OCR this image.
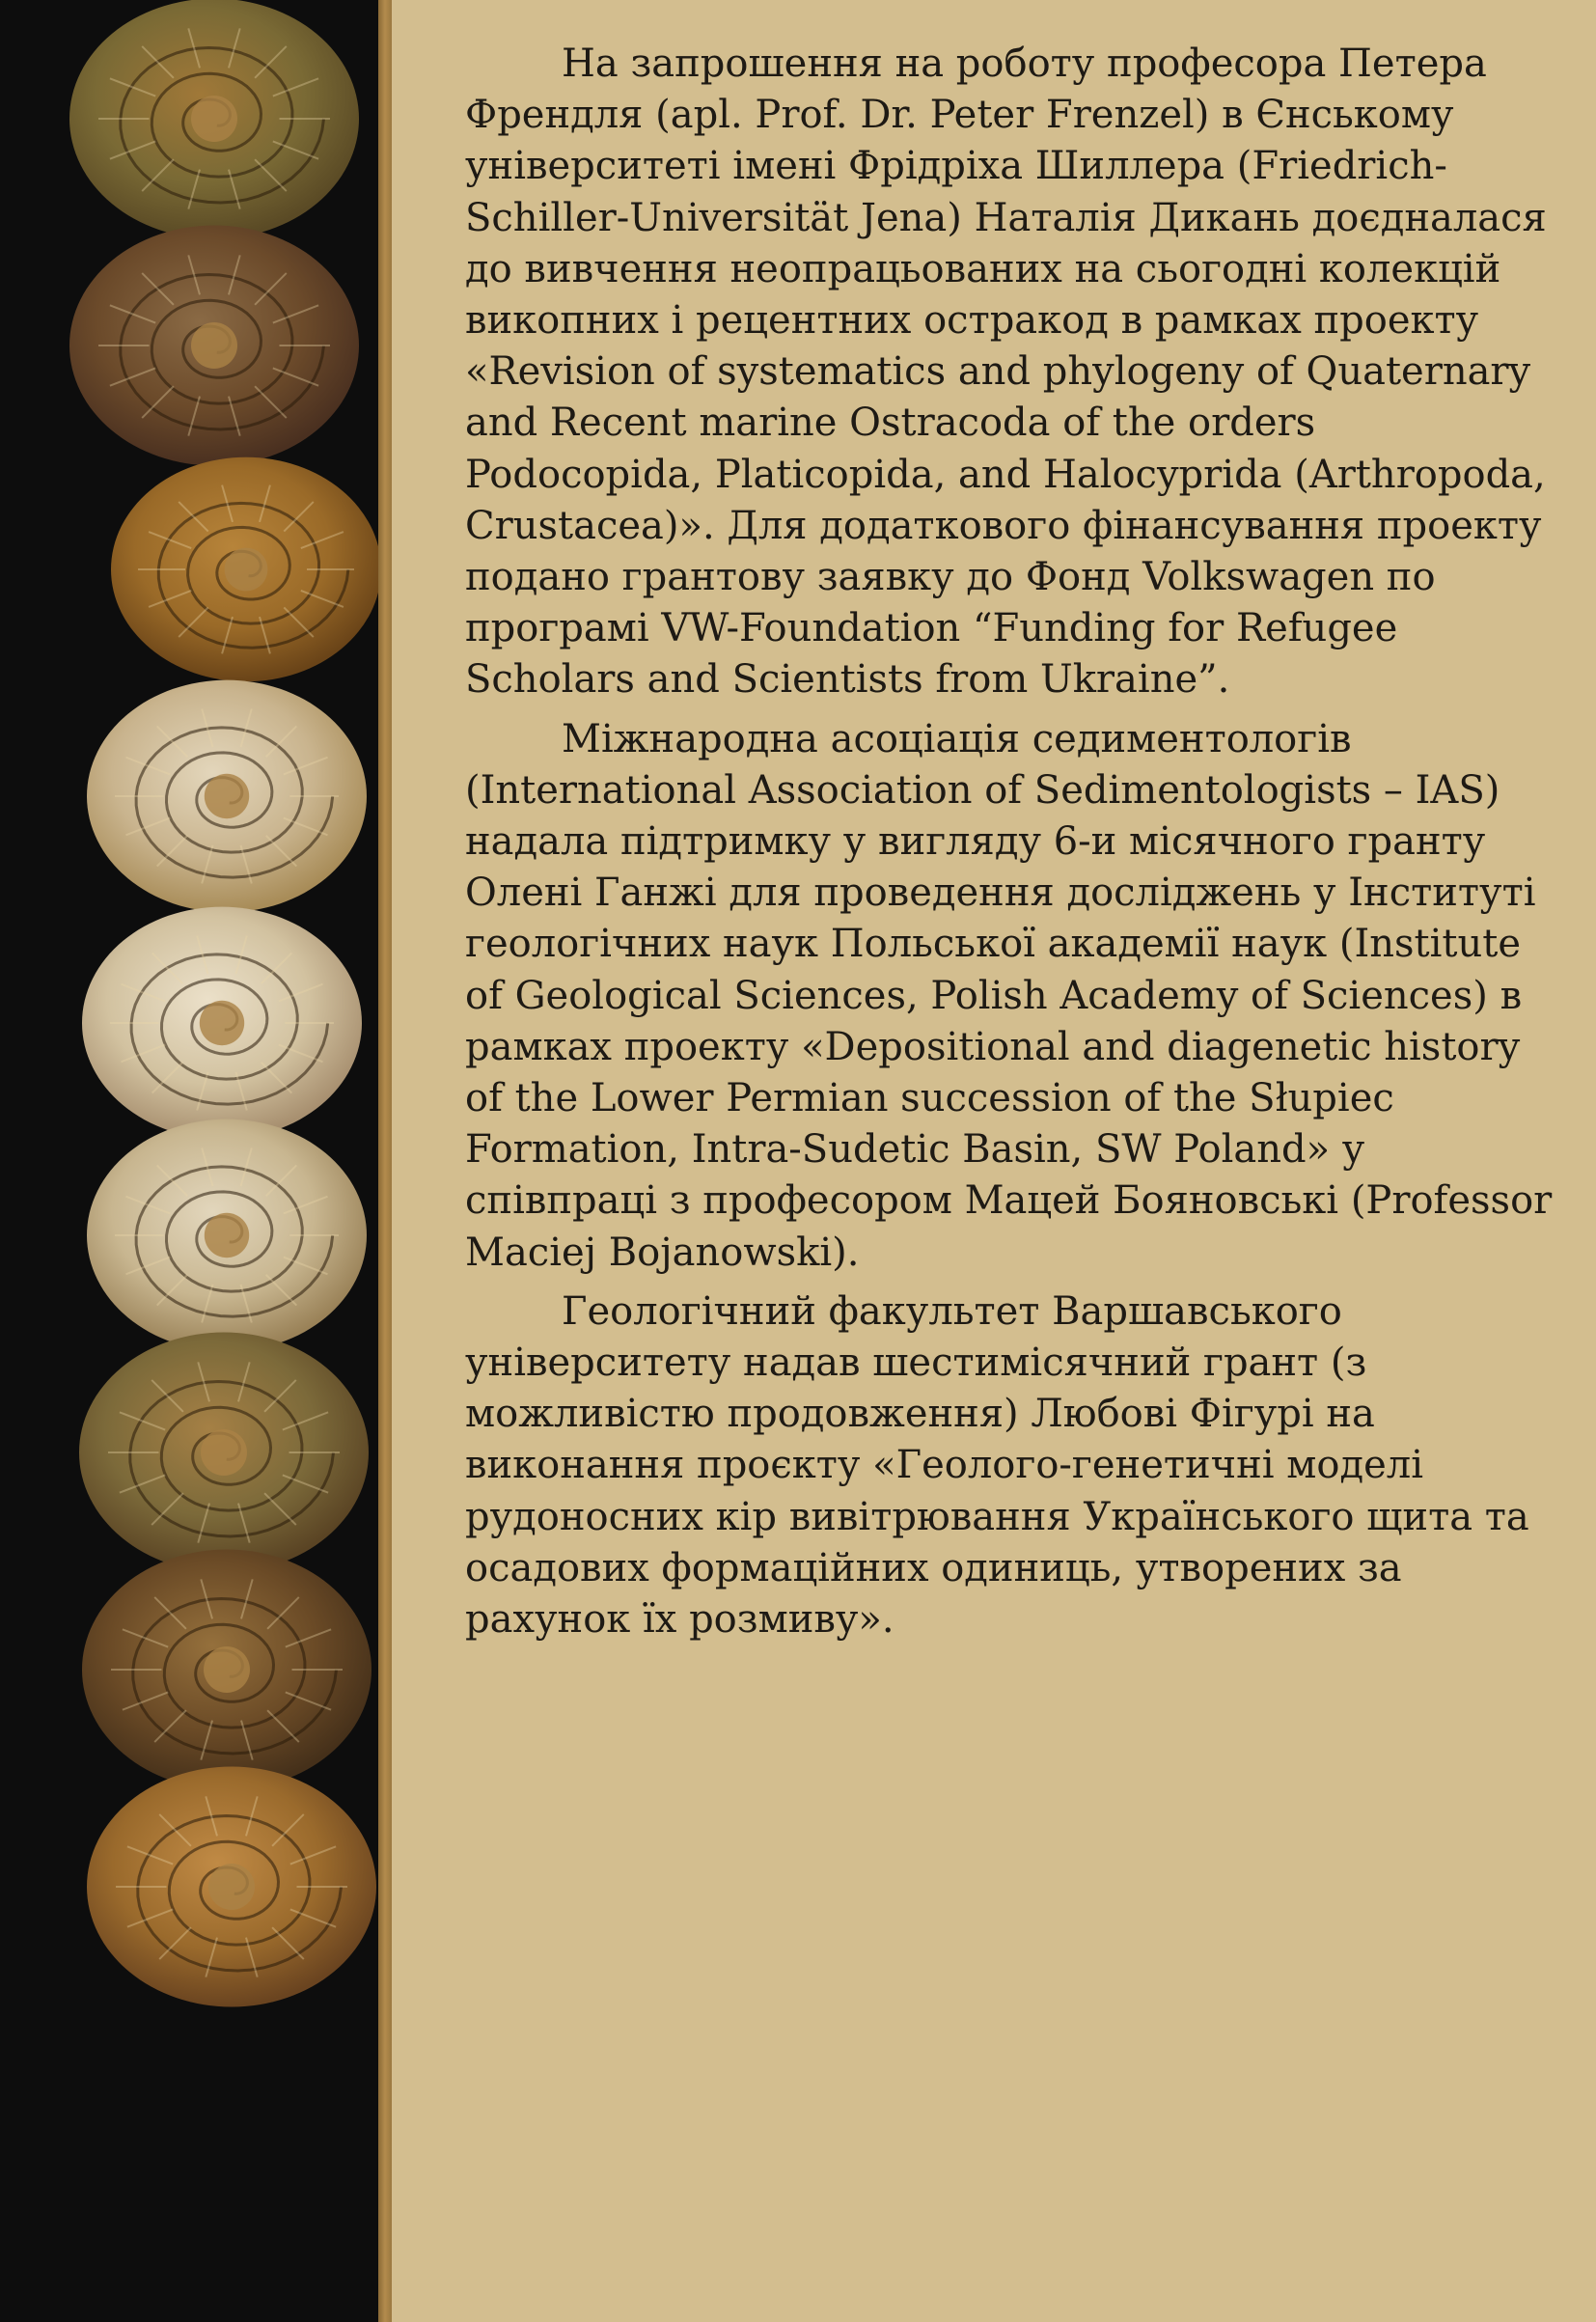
На запрошення на роботу професора Петера Френдля (apl. Prof. Dr. Peter Frenzel) в Єнському університеті імені Фрідріха Шиллера (Friedrich-Schiller-Universität Jena) Наталія Дикань доєдналася до вивчення неопрацьованих на сьогодні колекцій викопних і рецентних остракод в рамках проекту «Revision of systematics and phylogeny of Quaternary and Recent marine Ostracoda of the orders Podocopida, Platicopida, and Halocyprida (Arthropoda, Crustacea)». Для додаткового фінансування проекту подано грантову заявку до Фонд Volkswagen по програмі VW-Foundation “Funding for Refugee Scholars and Scientists from Ukraine”.

Міжнародна асоціація седиментологів (International Association of Sedimentologists – IAS) надала підтримку у вигляду 6-и місячного гранту Олені Ганжі для проведення досліджень у Інституті геологічних наук Польської академії наук (Institute of Geological Sciences, Polish Academy of Sciences) в рамках проекту «Depositional and diagenetic history of the Lower Permian succession of the Słupiec Formation, Intra-Sudetic Basin, SW Poland» у співпраці з професором Мацей Бояновські (Professor Maciej Bojanowski).

Геологічний факультет Варшавського університету надав шестимісячний грант (з можливістю продовження) Любові Фігурі на виконання проєкту «Геолого-генетичні моделі рудоносних кір вивітрювання Українського щита та осадових формаційних одиниць, утворених за рахунок їх розмиву».
